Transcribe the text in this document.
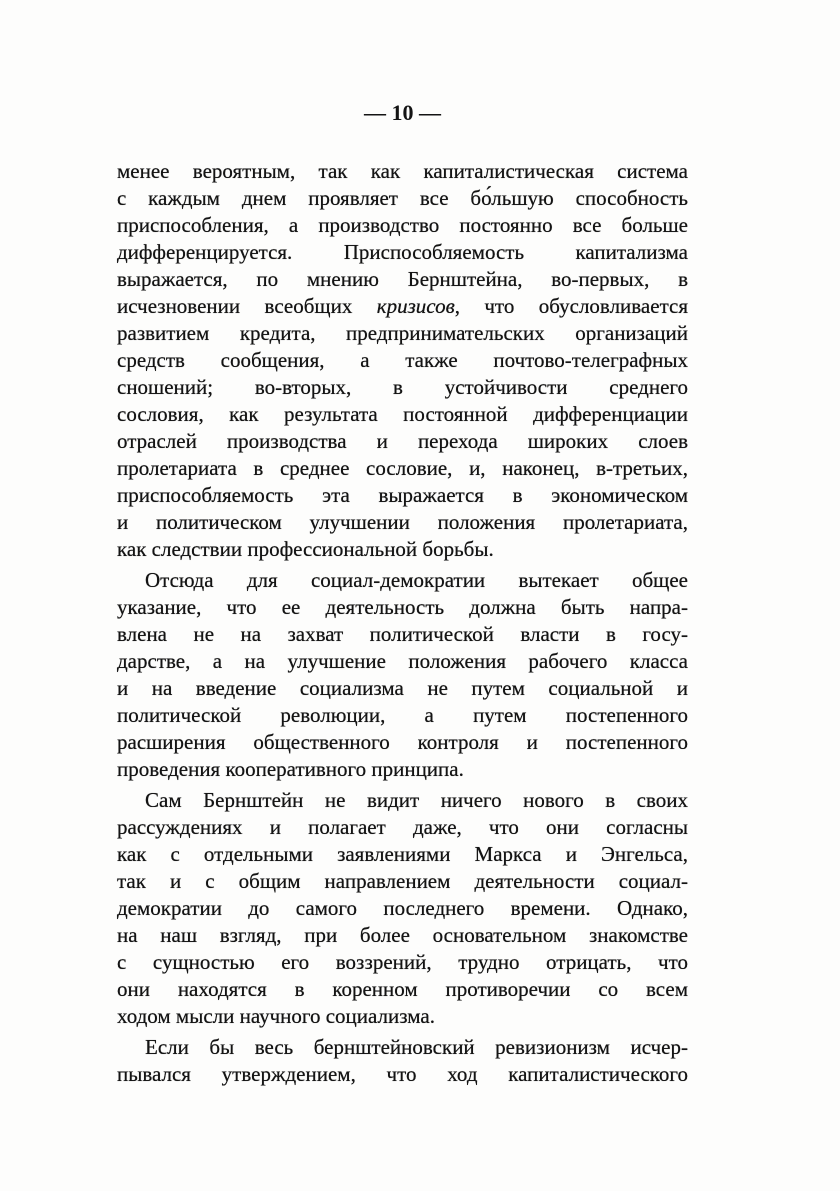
— 10 —
менее вероятным, так как капиталистическая система
с каждым днем проявляет все бо́льшую способность
приспособления, а производство постоянно все больше
дифференцируется. Приспособляемость капитализма
выражается, по мнению Бернштейна, во-первых, в
исчезновении всеобщих кризисов, что обусловливается
развитием кредита, предпринимательских организаций
средств сообщения, а также почтово-телеграфных
сношений; во-вторых, в устойчивости среднего
сословия, как результата постоянной дифференциации
отраслей производства и перехода широких слоев
пролетариата в среднее сословие, и, наконец, в-третьих,
приспособляемость эта выражается в экономическом
и политическом улучшении положения пролетариата,
как следствии профессиональной борьбы.
Отсюда для социал-демократии вытекает общее
указание, что ее деятельность должна быть напра-
влена не на захват политической власти в госу-
дарстве, а на улучшение положения рабочего класса
и на введение социализма не путем социальной и
политической революции, а путем постепенного
расширения общественного контроля и постепенного
проведения кооперативного принципа.
Сам Бернштейн не видит ничего нового в своих
рассуждениях и полагает даже, что они согласны
как с отдельными заявлениями Маркса и Энгельса,
так и с общим направлением деятельности социал-
демократии до самого последнего времени. Однако,
на наш взгляд, при более основательном знакомстве
с сущностью его воззрений, трудно отрицать, что
они находятся в коренном противоречии со всем
ходом мысли научного социализма.
Если бы весь бернштейновский ревизионизм исчер-
пывался утверждением, что ход капиталистического
